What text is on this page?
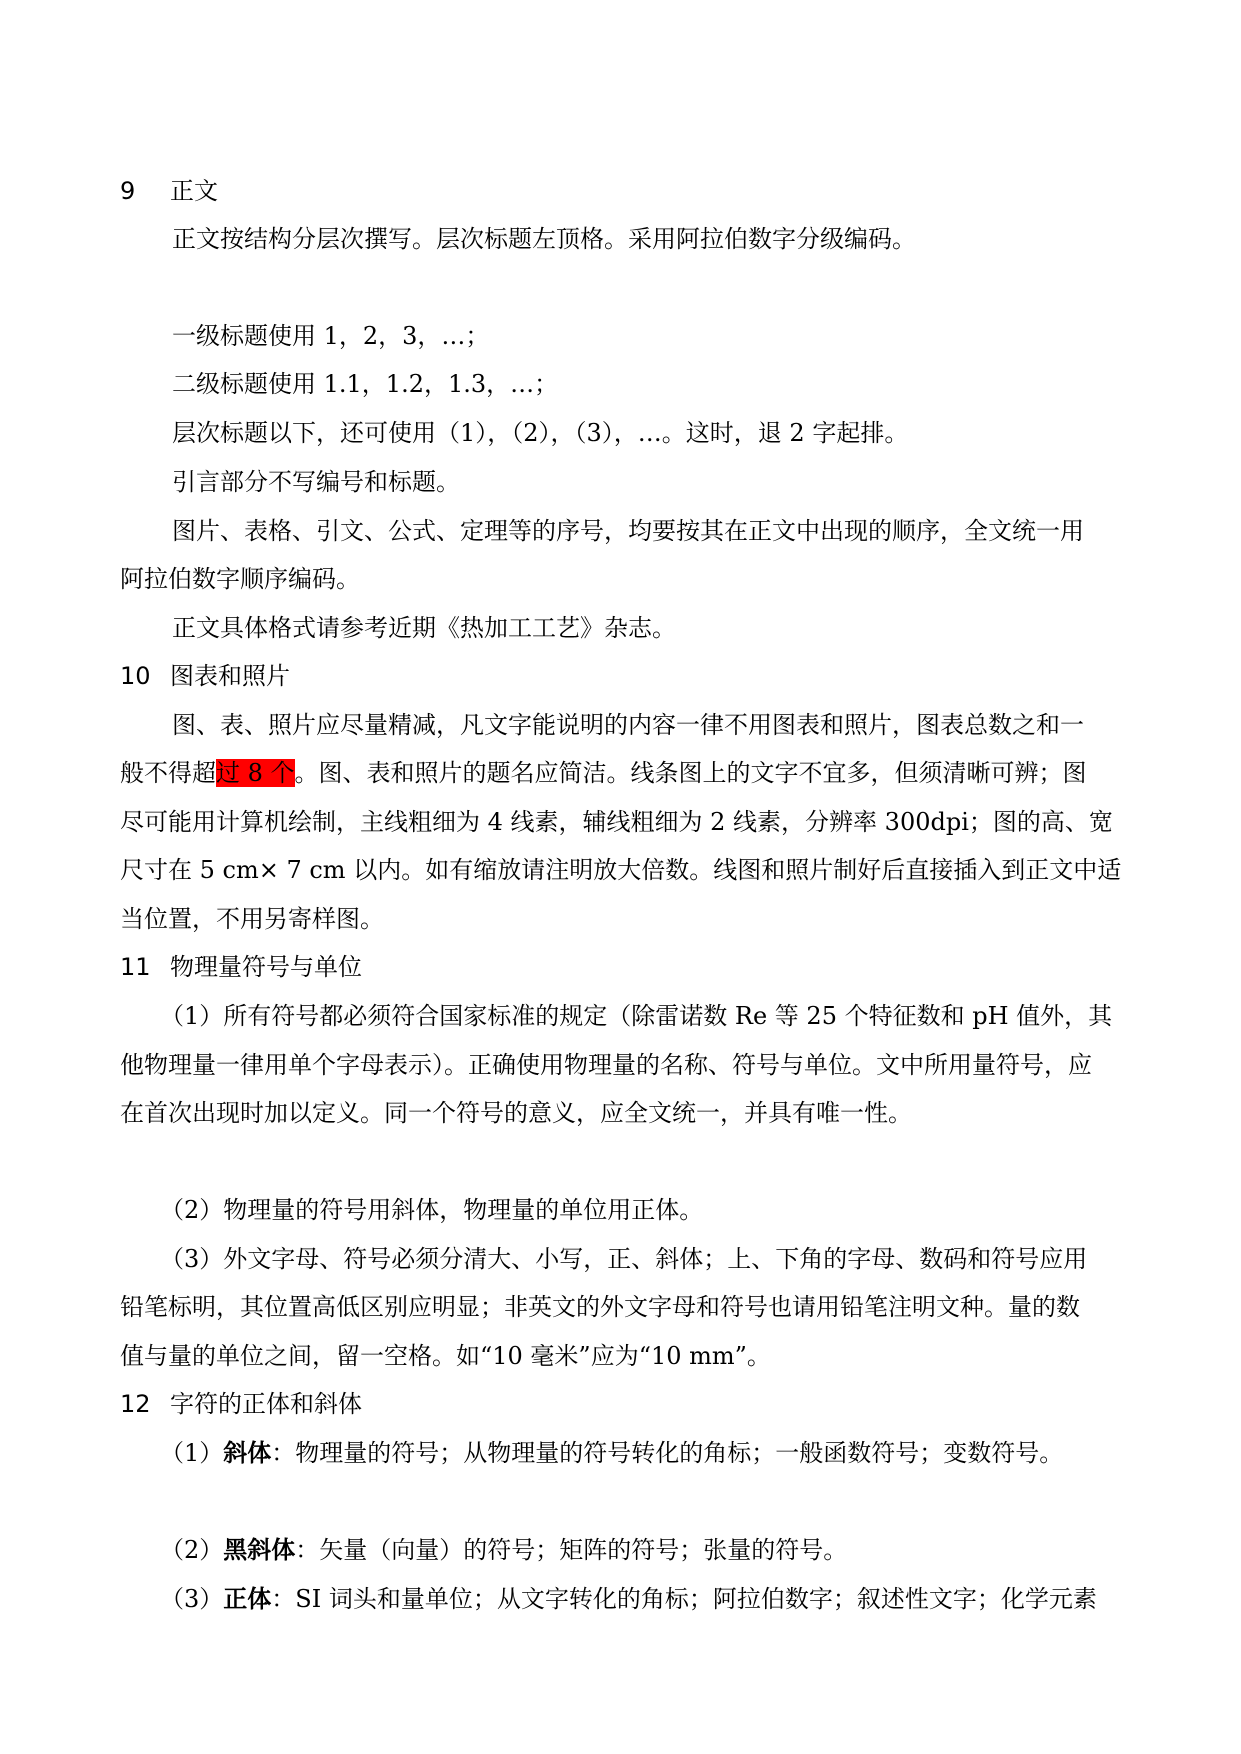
9 正文
正文按结构分层次撰写。层次标题左顶格。采用阿拉伯数字分级编码。
一级标题使用 1，2，3，…；
二级标题使用 1.1，1.2，1.3，…；
层次标题以下，还可使用（1），（2），（3），…。这时，退 2 字起排。
引言部分不写编号和标题。
图片、表格、引文、公式、定理等的序号，均要按其在正文中出现的顺序，全文统一用
阿拉伯数字顺序编码。
正文具体格式请参考近期《热加工工艺》杂志。
10 图表和照片
图、表、照片应尽量精减，凡文字能说明的内容一律不用图表和照片，图表总数之和一
般不得超过 8 个。图、表和照片的题名应简洁。线条图上的文字不宜多，但须清晰可辨；图
尽可能用计算机绘制，主线粗细为 4 线素，辅线粗细为 2 线素，分辨率 300dpi；图的高、宽
尺寸在 5 cm× 7 cm 以内。如有缩放请注明放大倍数。线图和照片制好后直接插入到正文中适
当位置，不用另寄样图。
11 物理量符号与单位
（1）所有符号都必须符合国家标准的规定（除雷诺数 Re 等 25 个特征数和 pH 值外，其
他物理量一律用单个字母表示）。正确使用物理量的名称、符号与单位。文中所用量符号，应
在首次出现时加以定义。同一个符号的意义，应全文统一，并具有唯一性。
（2）物理量的符号用斜体，物理量的单位用正体。
（3）外文字母、符号必须分清大、小写，正、斜体；上、下角的字母、数码和符号应用
铅笔标明，其位置高低区别应明显；非英文的外文字母和符号也请用铅笔注明文种。量的数
值与量的单位之间，留一空格。如“10 毫米”应为“10 mm”。
12 字符的正体和斜体
（1）斜体：物理量的符号；从物理量的符号转化的角标；一般函数符号；变数符号。
（2）黑斜体：矢量（向量）的符号；矩阵的符号；张量的符号。
（3）正体：SI 词头和量单位；从文字转化的角标；阿拉伯数字；叙述性文字；化学元素
